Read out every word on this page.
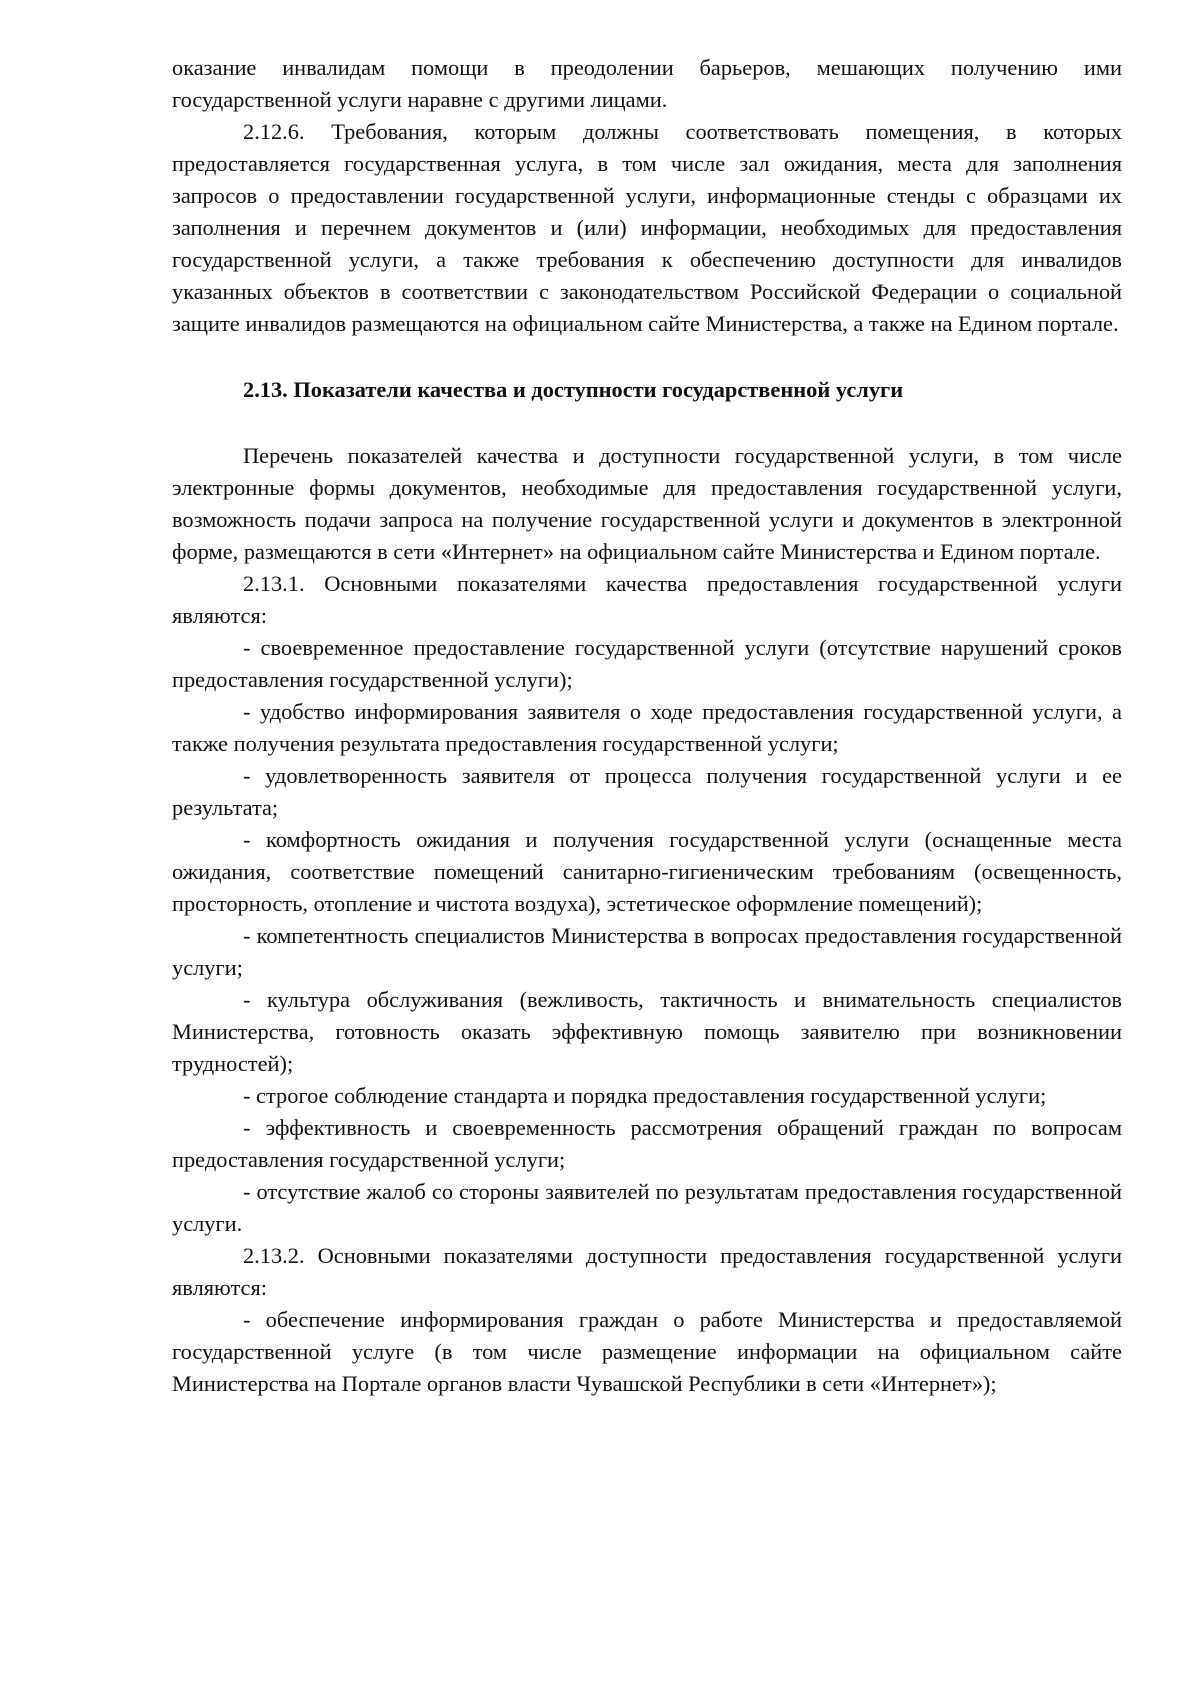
оказание инвалидам помощи в преодолении барьеров, мешающих получению ими государственной услуги наравне с другими лицами.

2.12.6. Требования, которым должны соответствовать помещения, в которых предоставляется государственная услуга, в том числе зал ожидания, места для заполнения запросов о предоставлении государственной услуги, информационные стенды с образцами их заполнения и перечнем документов и (или) информации, необходимых для предоставления государственной услуги, а также требования к обеспечению доступности для инвалидов указанных объектов в соответствии с законодательством Российской Федерации о социальной защите инвалидов размещаются на официальном сайте Министерства, а также на Едином портале.

2.13. Показатели качества и доступности государственной услуги

Перечень показателей качества и доступности государственной услуги, в том числе электронные формы документов, необходимые для предоставления государственной услуги, возможность подачи запроса на получение государственной услуги и документов в электронной форме, размещаются в сети «Интернет» на официальном сайте Министерства и Едином портале.

2.13.1. Основными показателями качества предоставления государственной услуги являются:

- своевременное предоставление государственной услуги (отсутствие нарушений сроков предоставления государственной услуги);

- удобство информирования заявителя о ходе предоставления государственной услуги, а также получения результата предоставления государственной услуги;

- удовлетворенность заявителя от процесса получения государственной услуги и ее результата;

- комфортность ожидания и получения государственной услуги (оснащенные места ожидания, соответствие помещений санитарно-гигиеническим требованиям (освещенность, просторность, отопление и чистота воздуха), эстетическое оформление помещений);

- компетентность специалистов Министерства в вопросах предоставления государственной услуги;

- культура обслуживания (вежливость, тактичность и внимательность специалистов Министерства, готовность оказать эффективную помощь заявителю при возникновении трудностей);

- строгое соблюдение стандарта и порядка предоставления государственной услуги;

- эффективность и своевременность рассмотрения обращений граждан по вопросам предоставления государственной услуги;

- отсутствие жалоб со стороны заявителей по результатам предоставления государственной услуги.

2.13.2. Основными показателями доступности предоставления государственной услуги являются:

- обеспечение информирования граждан о работе Министерства и предоставляемой государственной услуге (в том числе размещение информации на официальном сайте Министерства на Портале органов власти Чувашской Республики в сети «Интернет»);
